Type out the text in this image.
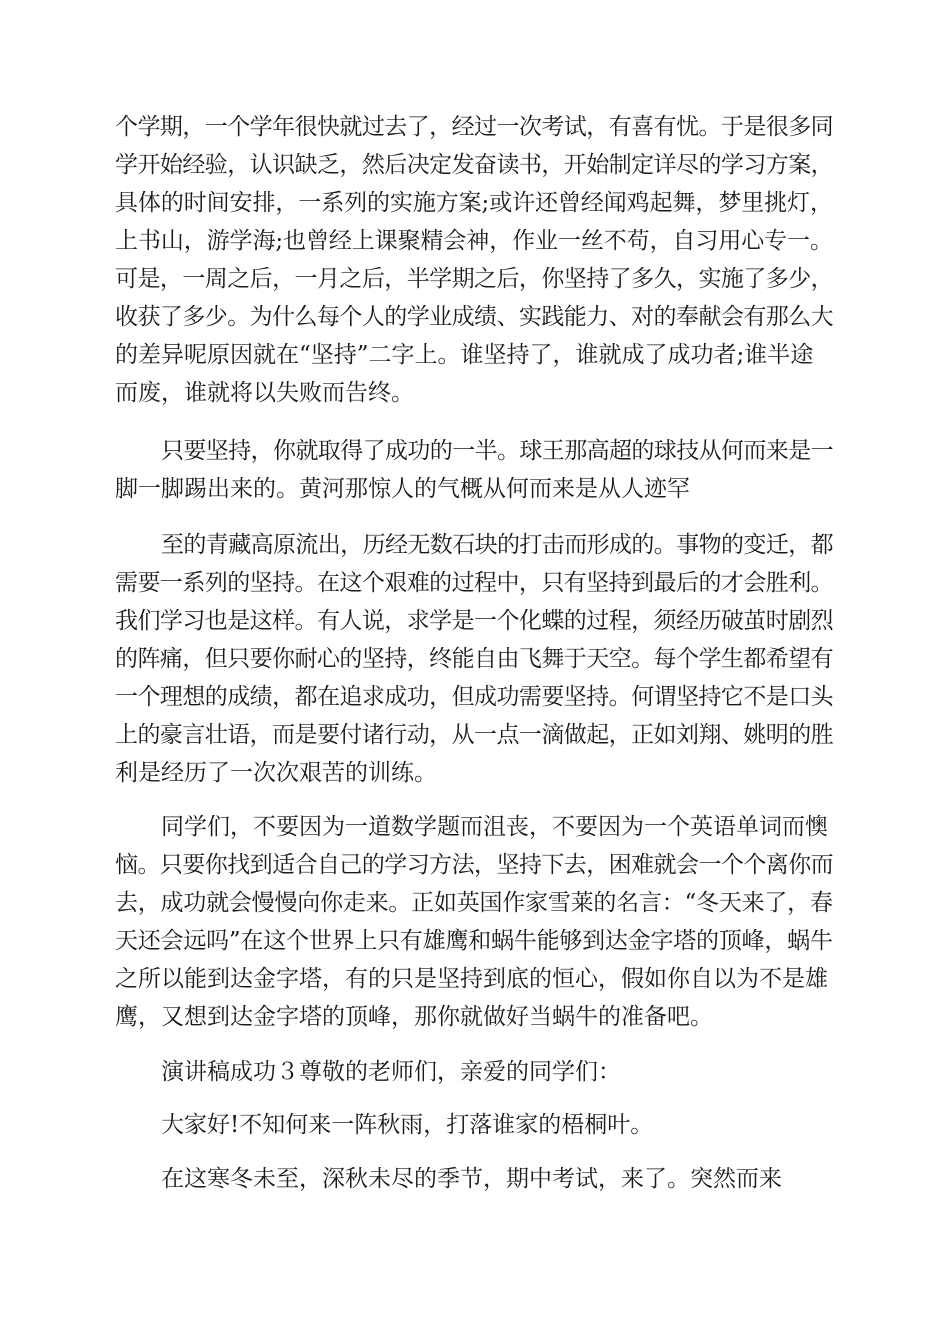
个学期，一个学年很快就过去了，经过一次考试，有喜有忧。于是很多同
学开始经验，认识缺乏，然后决定发奋读书，开始制定详尽的学习方案，
具体的时间安排，一系列的实施方案;或许还曾经闻鸡起舞，梦里挑灯，
上书山，游学海;也曾经上课聚精会神，作业一丝不苟，自习用心专一。
可是，一周之后，一月之后，半学期之后，你坚持了多久，实施了多少，
收获了多少。为什么每个人的学业成绩、实践能力、对的奉献会有那么大
的差异呢原因就在“坚持”二字上。谁坚持了，谁就成了成功者;谁半途
而废，谁就将以失败而告终。
只要坚持，你就取得了成功的一半。球王那高超的球技从何而来是一
脚一脚踢出来的。黄河那惊人的气概从何而来是从人迹罕
至的青藏高原流出，历经无数石块的打击而形成的。事物的变迁，都
需要一系列的坚持。在这个艰难的过程中，只有坚持到最后的才会胜利。
我们学习也是这样。有人说，求学是一个化蝶的过程，须经历破茧时剧烈
的阵痛，但只要你耐心的坚持，终能自由飞舞于天空。每个学生都希望有
一个理想的成绩，都在追求成功，但成功需要坚持。何谓坚持它不是口头
上的豪言壮语，而是要付诸行动，从一点一滴做起，正如刘翔、姚明的胜
利是经历了一次次艰苦的训练。
同学们，不要因为一道数学题而沮丧，不要因为一个英语单词而懊
恼。只要你找到适合自己的学习方法，坚持下去，困难就会一个个离你而
去，成功就会慢慢向你走来。正如英国作家雪莱的名言：“冬天来了，春
天还会远吗”在这个世界上只有雄鹰和蜗牛能够到达金字塔的顶峰，蜗牛
之所以能到达金字塔，有的只是坚持到底的恒心，假如你自以为不是雄
鹰，又想到达金字塔的顶峰，那你就做好当蜗牛的准备吧。
演讲稿成功３尊敬的老师们，亲爱的同学们：
大家好!不知何来一阵秋雨，打落谁家的梧桐叶。
在这寒冬未至，深秋未尽的季节，期中考试，来了。突然而来
